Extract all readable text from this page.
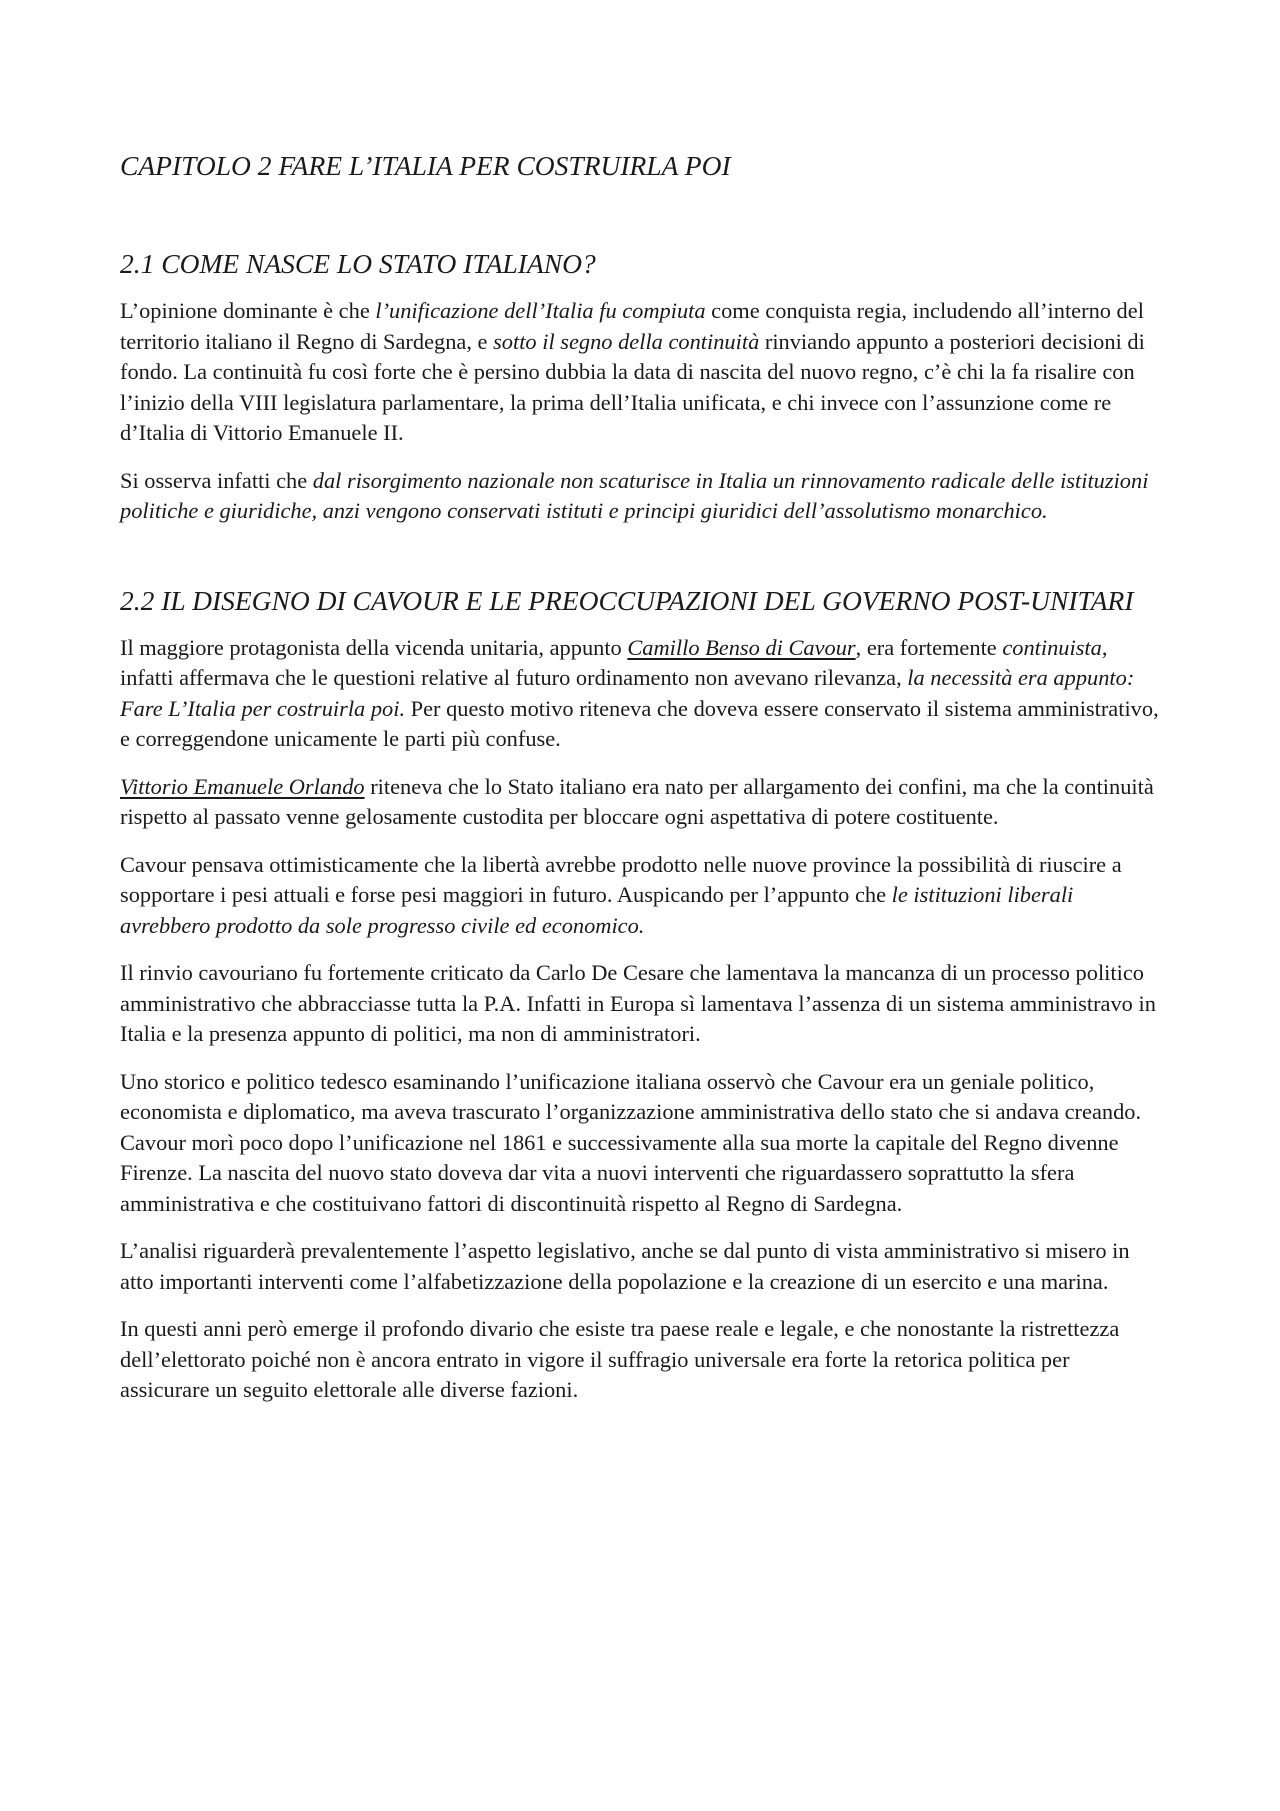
CAPITOLO 2 FARE L’ITALIA PER COSTRUIRLA POI
2.1 COME NASCE LO STATO ITALIANO?

L’opinione dominante è che l’unificazione dell’Italia fu compiuta come conquista regia, includendo all’interno del territorio italiano il Regno di Sardegna, e sotto il segno della continuità rinviando appunto a posteriori decisioni di fondo. La continuità fu così forte che è persino dubbia la data di nascita del nuovo regno, c’è chi la fa risalire con l’inizio della VIII legislatura parlamentare, la prima dell’Italia unificata, e chi invece con l’assunzione come re d’Italia di Vittorio Emanuele II.

Si osserva infatti che dal risorgimento nazionale non scaturisce in Italia un rinnovamento radicale delle istituzioni politiche e giuridiche, anzi vengono conservati istituti e principi giuridici dell’assolutismo monarchico.

2.2 IL DISEGNO DI CAVOUR E LE PREOCCUPAZIONI DEL GOVERNO POST-UNITARI

Il maggiore protagonista della vicenda unitaria, appunto Camillo Benso di Cavour, era fortemente continuista, infatti affermava che le questioni relative al futuro ordinamento non avevano rilevanza, la necessità era appunto: Fare L’Italia per costruirla poi. Per questo motivo riteneva che doveva essere conservato il sistema amministrativo, e correggendone unicamente le parti più confuse.

Vittorio Emanuele Orlando riteneva che lo Stato italiano era nato per allargamento dei confini, ma che la continuità rispetto al passato venne gelosamente custodita per bloccare ogni aspettativa di potere costituente.

Cavour pensava ottimisticamente che la libertà avrebbe prodotto nelle nuove province la possibilità di riuscire a sopportare i pesi attuali e forse pesi maggiori in futuro. Auspicando per l’appunto che le istituzioni liberali avrebbero prodotto da sole progresso civile ed economico.

Il rinvio cavouriano fu fortemente criticato da Carlo De Cesare che lamentava la mancanza di un processo politico amministrativo che abbracciasse tutta la P.A. Infatti in Europa sì lamentava l’assenza di un sistema amministravo in Italia e la presenza appunto di politici, ma non di amministratori.

Uno storico e politico tedesco esaminando l’unificazione italiana osservò che Cavour era un geniale politico, economista e diplomatico, ma aveva trascurato l’organizzazione amministrativa dello stato che si andava creando. Cavour morì poco dopo l’unificazione nel 1861 e successivamente alla sua morte la capitale del Regno divenne Firenze. La nascita del nuovo stato doveva dar vita a nuovi interventi che riguardassero soprattutto la sfera amministrativa e che costituivano fattori di discontinuità rispetto al Regno di Sardegna.

L’analisi riguarderà prevalentemente l’aspetto legislativo, anche se dal punto di vista amministrativo si misero in atto importanti interventi come l’alfabetizzazione della popolazione e la creazione di un esercito e una marina.

In questi anni però emerge il profondo divario che esiste tra paese reale e legale, e che nonostante la ristrettezza dell’elettorato poiché non è ancora entrato in vigore il suffragio universale era forte la retorica politica per assicurare un seguito elettorale alle diverse fazioni.
